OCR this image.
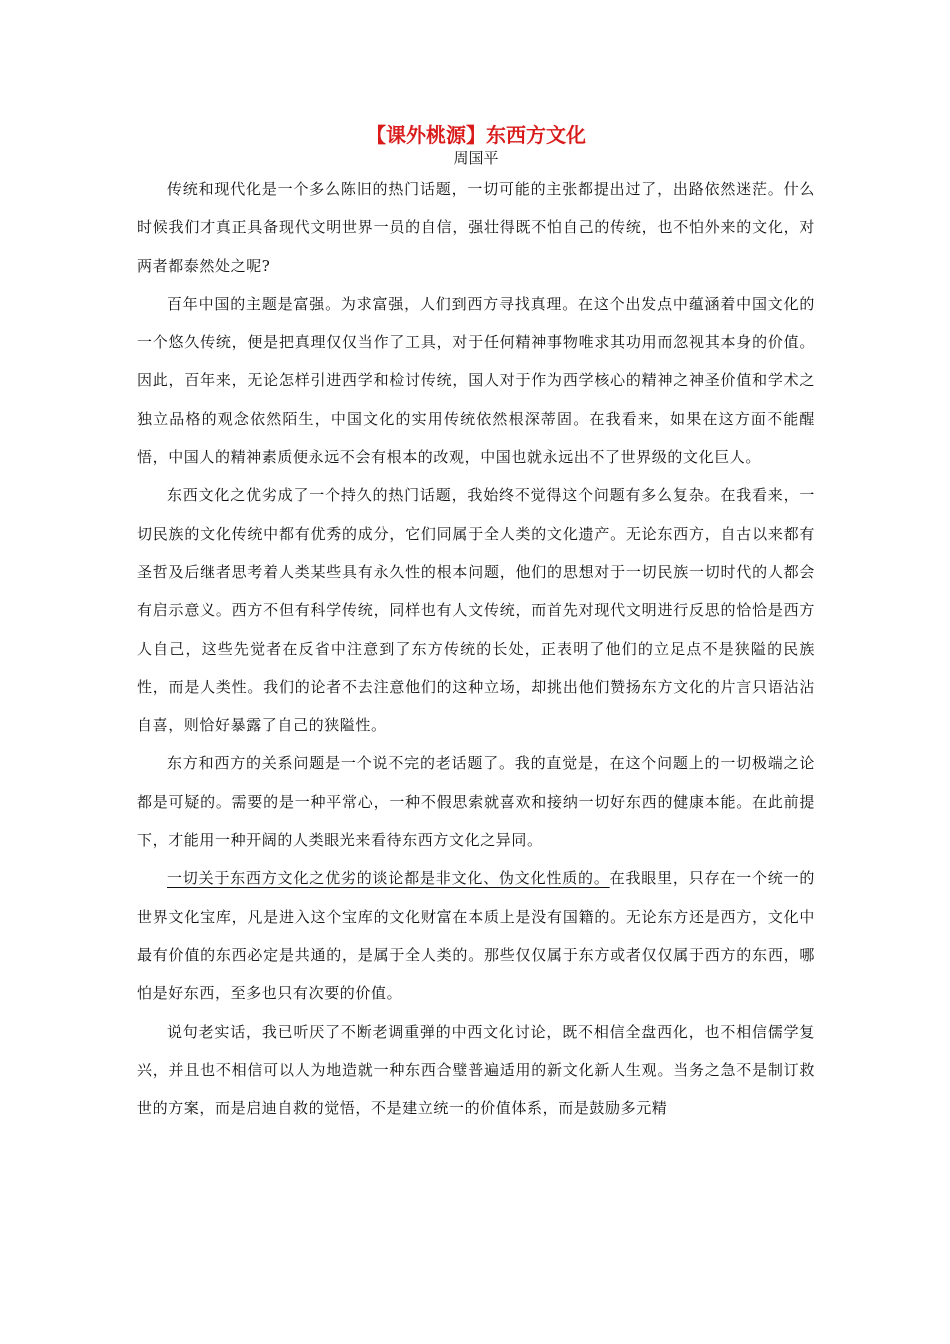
【课外桃源】东西方文化
周国平

传统和现代化是一个多么陈旧的热门话题，一切可能的主张都提出过了，出路依然迷茫。什么时候我们才真正具备现代文明世界一员的自信，强壮得既不怕自己的传统，也不怕外来的文化，对两者都泰然处之呢?

百年中国的主题是富强。为求富强，人们到西方寻找真理。在这个出发点中蕴涵着中国文化的一个悠久传统，便是把真理仅仅当作了工具，对于任何精神事物唯求其功用而忽视其本身的价值。因此，百年来，无论怎样引进西学和检讨传统，国人对于作为西学核心的精神之神圣价值和学术之独立品格的观念依然陌生，中国文化的实用传统依然根深蒂固。在我看来，如果在这方面不能醒悟，中国人的精神素质便永远不会有根本的改观，中国也就永远出不了世界级的文化巨人。

东西文化之优劣成了一个持久的热门话题，我始终不觉得这个问题有多么复杂。在我看来，一切民族的文化传统中都有优秀的成分，它们同属于全人类的文化遗产。无论东西方，自古以来都有圣哲及后继者思考着人类某些具有永久性的根本问题，他们的思想对于一切民族一切时代的人都会有启示意义。西方不但有科学传统，同样也有人文传统，而首先对现代文明进行反思的恰恰是西方人自己，这些先觉者在反省中注意到了东方传统的长处，正表明了他们的立足点不是狭隘的民族性，而是人类性。我们的论者不去注意他们的这种立场，却挑出他们赞扬东方文化的片言只语沾沾自喜，则恰好暴露了自己的狭隘性。

东方和西方的关系问题是一个说不完的老话题了。我的直觉是，在这个问题上的一切极端之论都是可疑的。需要的是一种平常心，一种不假思索就喜欢和接纳一切好东西的健康本能。在此前提下，才能用一种开阔的人类眼光来看待东西方文化之异同。

一切关于东西方文化之优劣的谈论都是非文化、伪文化性质的。在我眼里，只存在一个统一的世界文化宝库，凡是进入这个宝库的文化财富在本质上是没有国籍的。无论东方还是西方，文化中最有价值的东西必定是共通的，是属于全人类的。那些仅仅属于东方或者仅仅属于西方的东西，哪怕是好东西，至多也只有次要的价值。

说句老实话，我已听厌了不断老调重弹的中西文化讨论，既不相信全盘西化，也不相信儒学复兴，并且也不相信可以人为地造就一种东西合璧普遍适用的新文化新人生观。当务之急不是制订救世的方案，而是启迪自救的觉悟，不是建立统一的价值体系，而是鼓励多元精
